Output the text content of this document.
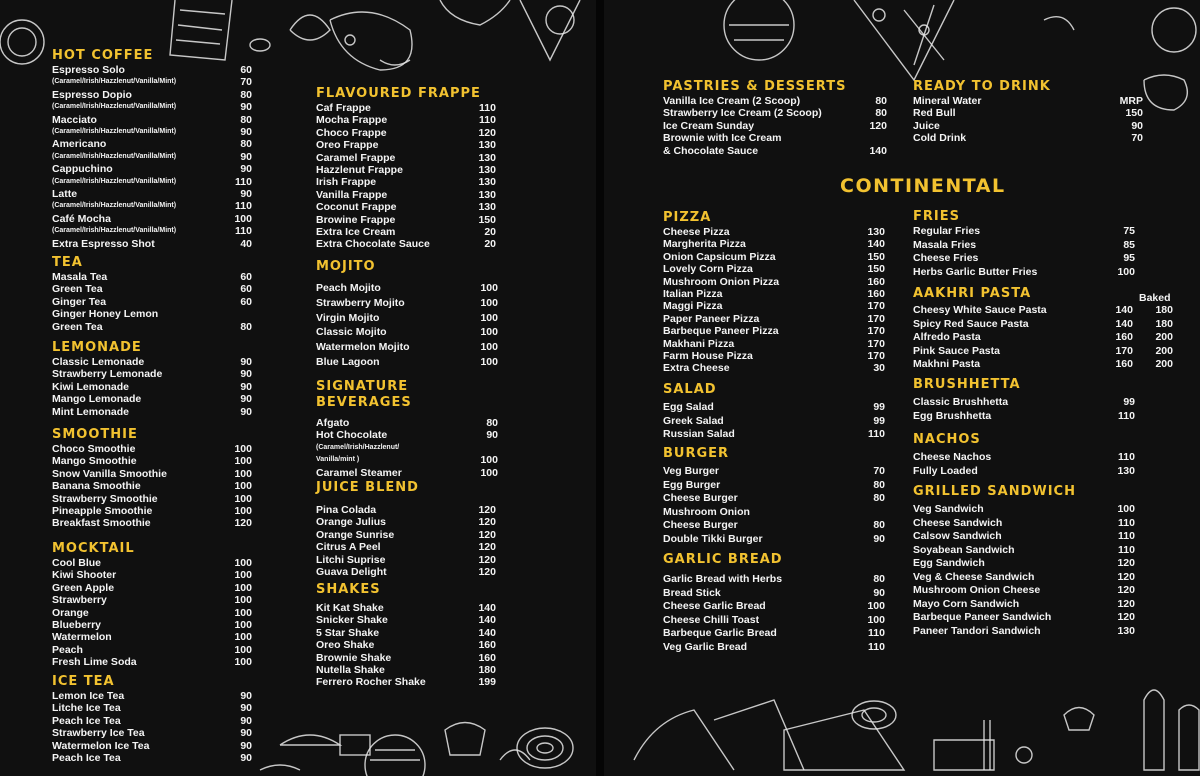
HOT COFFEE
Espresso Solo	60
(Caramel/Irish/Hazzlenut/Vanilla/Mint)	70
Espresso Dopio	80
(Caramel/Irish/Hazzlenut/Vanilla/Mint)	90
Macciato	80
(Caramel/Irish/Hazzlenut/Vanilla/Mint)	90
Americano	80
(Caramel/Irish/Hazzlenut/Vanilla/Mint)	90
Cappuchino	90
(Caramel/Irish/Hazzlenut/Vanilla/Mint)	110
Latte	90
(Caramel/Irish/Hazzlenut/Vanilla/Mint)	110
Café Mocha	100
(Caramel/Irish/Hazzlenut/Vanilla/Mint)	110
Extra Espresso Shot	40
TEA
Masala Tea	60
Green Tea	60
Ginger Tea	60
Ginger Honey Lemon
Green Tea	80
LEMONADE
Classic Lemonade	90
Strawberry Lemonade	90
Kiwi Lemonade	90
Mango Lemonade	90
Mint Lemonade	90
SMOOTHIE
Choco Smoothie	100
Mango Smoothie	100
Snow Vanilla Smoothie	100
Banana Smoothie	100
Strawberry Smoothie	100
Pineapple Smoothie	100
Breakfast Smoothie	120
MOCKTAIL
Cool Blue	100
Kiwi Shooter	100
Green Apple	100
Strawberry	100
Orange	100
Blueberry	100
Watermelon	100
Peach	100
Fresh Lime Soda	100
ICE TEA
Lemon Ice Tea	90
Litche Ice Tea	90
Peach Ice Tea	90
Strawberry Ice Tea	90
Watermelon Ice Tea	90
Peach Ice Tea	90
FLAVOURED FRAPPE
Caf Frappe	110
Mocha Frappe	110
Choco Frappe	120
Oreo Frappe	130
Caramel Frappe	130
Hazzlenut Frappe	130
Irish Frappe	130
Vanilla Frappe	130
Coconut Frappe	130
Browine Frappe	150
Extra Ice Cream	20
Extra Chocolate Sauce	20
MOJITO
Peach Mojito	100
Strawberry Mojito	100
Virgin Mojito	100
Classic Mojito	100
Watermelon Mojito	100
Blue Lagoon	100
SIGNATURE BEVERAGES
Afgato	80
Hot Chocolate	90
(Caramel/Irish/Hazzlenut/
Vanilla/mint )	100
Caramel Steamer	100
JUICE BLEND
Pina Colada	120
Orange Julius	120
Orange Sunrise	120
Citrus A Peel	120
Litchi Suprise	120
Guava Delight	120
SHAKES
Kit Kat Shake	140
Snicker Shake	140
5 Star Shake	140
Oreo Shake	160
Brownie Shake	160
Nutella Shake	180
Ferrero Rocher Shake	199
PASTRIES & DESSERTS
Vanilla Ice Cream (2 Scoop)	80
Strawberry Ice Cream (2 Scoop)	80
Ice Cream Sunday	120
Brownie with Ice Cream
& Chocolate Sauce	140
READY TO DRINK
Mineral Water	MRP
Red Bull	150
Juice	90
Cold Drink	70
CONTINENTAL
PIZZA
Cheese Pizza	130
Margherita Pizza	140
Onion Capsicum Pizza	150
Lovely Corn Pizza	150
Mushroom Onion Pizza	160
Italian Pizza	160
Maggi Pizza	170
Paper Paneer Pizza	170
Barbeque Paneer Pizza	170
Makhani Pizza	170
Farm House Pizza	170
Extra Cheese	30
SALAD
Egg Salad	99
Greek Salad	99
Russian Salad	110
BURGER
Veg Burger	70
Egg Burger	80
Cheese Burger	80
Mushroom Onion
Cheese Burger	80
Double Tikki Burger	90
GARLIC BREAD
Garlic Bread with Herbs	80
Bread Stick	90
Cheese Garlic Bread	100
Cheese Chilli Toast	100
Barbeque Garlic Bread	110
Veg Garlic Bread	110
FRIES
Regular Fries	75
Masala Fries	85
Cheese Fries	95
Herbs Garlic Butter Fries	100
AAKHRI PASTA	Baked
Cheesy White Sauce Pasta	140 180
Spicy Red Sauce Pasta	140 180
Alfredo Pasta	160 200
Pink Sauce Pasta	170 200
Makhni Pasta	160 200
BRUSHHETTA
Classic Brushhetta	99
Egg Brushhetta	110
NACHOS
Cheese Nachos	110
Fully Loaded	130
GRILLED SANDWICH
Veg Sandwich	100
Cheese Sandwich	110
Calsow Sandwich	110
Soyabean Sandwich	110
Egg Sandwich	120
Veg & Cheese Sandwich	120
Mushroom Onion Cheese	120
Mayo Corn Sandwich	120
Barbeque Paneer Sandwich	120
Paneer Tandori Sandwich	130
